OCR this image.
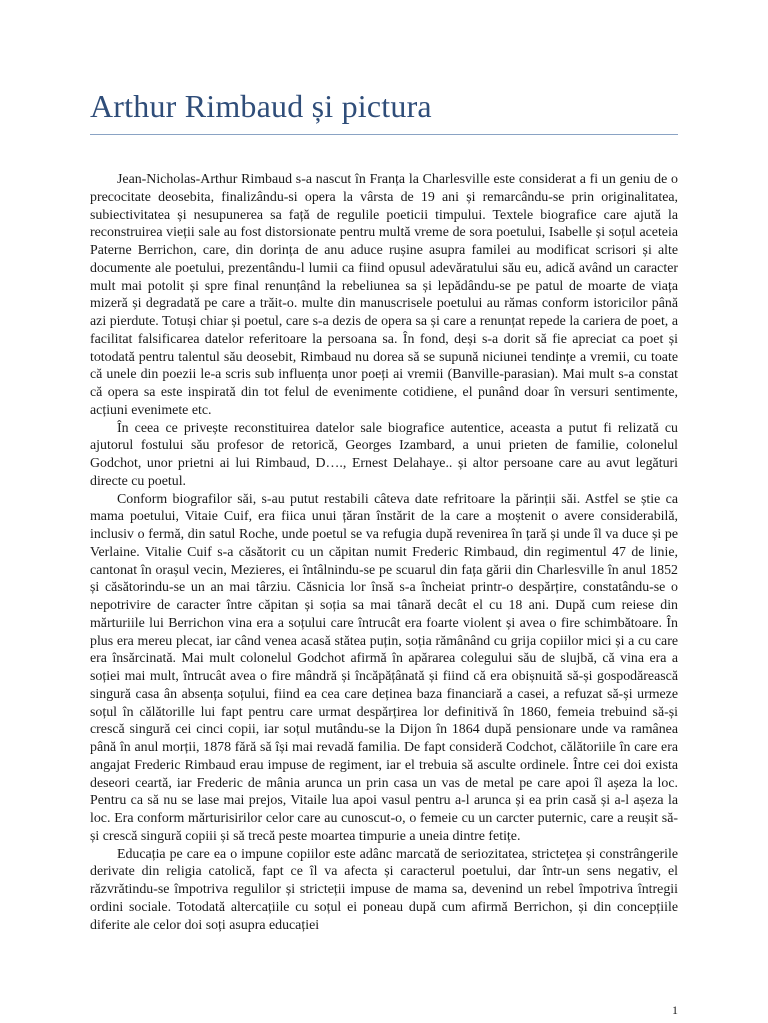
Arthur Rimbaud și pictura

Jean-Nicholas-Arthur Rimbaud s-a nascut în Franța la Charlesville este considerat a fi un geniu de o precocitate deosebita, finalizându-si opera la vârsta de 19 ani și remarcându-se prin originalitatea, subiectivitatea și nesupunerea sa față de regulile poeticii timpului. Textele biografice care ajută la reconstruirea vieții sale au fost distorsionate pentru multă vreme de sora poetului, Isabelle și soțul aceteia Paterne Berrichon, care, din dorința de anu aduce rușine asupra familei au modificat scrisori și alte documente ale poetului, prezentându-l lumii ca fiind opusul adevăratului său eu, adică având un caracter mult mai potolit și spre final renunțând la rebeliunea sa și lepădându-se pe patul de moarte de viața mizeră și degradată pe care a trăit-o. multe din manuscrisele poetului au rămas conform istoricilor până azi pierdute. Totuși chiar și poetul, care s-a dezis de opera sa și care a renunțat repede la cariera de poet, a facilitat falsificarea datelor referitoare la persoana sa. În fond, deși s-a dorit să fie apreciat ca poet și totodată pentru talentul său deosebit, Rimbaud nu dorea să se supună niciunei tendințe a vremii, cu toate că unele din poezii le-a scris sub influența unor poeți ai vremii (Banville-parasian). Mai mult s-a constat că opera sa este inspirată din tot felul de evenimente cotidiene, el punând doar în versuri sentimente, acțiuni evenimete etc.

În ceea ce privește reconstituirea datelor sale biografice autentice, aceasta a putut fi relizată cu ajutorul fostului său profesor de retorică, Georges Izambard, a unui prieten de familie, colonelul Godchot, unor prietni ai lui Rimbaud, D…., Ernest Delahaye.. și altor persoane care au avut legături directe cu poetul.

Conform biografilor săi, s-au putut restabili câteva date refritoare la părinții săi. Astfel se știe ca mama poetului, Vitaie Cuif, era fiica unui țăran înstărit de la care a moștenit o avere considerabilă, inclusiv o fermă, din satul Roche, unde poetul se va refugia după revenirea în țară și unde îl va duce și pe Verlaine. Vitalie Cuif s-a căsătorit cu un căpitan numit Frederic Rimbaud, din regimentul 47 de linie, cantonat în orașul vecin, Mezieres, ei întâlnindu-se pe scuarul din fața gării din Charlesville în anul 1852 și căsătorindu-se un an mai târziu. Căsnicia lor însă s-a încheiat printr-o despărțire, constatându-se o nepotrivire de caracter între căpitan și soția sa mai tânară decât el cu 18 ani. După cum reiese din mărturiile lui Berrichon vina era a soțului care întrucât era foarte violent și avea o fire schimbătoare. În plus era mereu plecat, iar când venea acasă stătea puțin, soția rămânând cu grija copiilor mici și a cu care era însărcinată. Mai mult colonelul Godchot afirmă în apărarea colegului său de slujbă, că vina era a soției mai mult, întrucât avea o fire mândră și încăpățânată și fiind că era obișnuită să-și gospodărească singură casa ân absența soțului, fiind ea cea care deținea baza financiară a casei, a refuzat să-și urmeze soțul în călătorille lui fapt pentru care urmat despărțirea lor definitivă în 1860, femeia trebuind să-și crescă singură cei cinci copii, iar soțul mutându-se la Dijon în 1864 după pensionare unde va ramânea până în anul morții, 1878 fără să își mai revadă familia. De fapt consideră Codchot, călătoriile în care era angajat Frederic Rimbaud erau impuse de regiment, iar el trebuia să asculte ordinele. Între cei doi exista deseori ceartă, iar Frederic de mânia arunca un prin casa un vas de metal pe care apoi îl așeza la loc. Pentru ca să nu se lase mai prejos, Vitaile lua apoi vasul pentru a-l arunca și ea prin casă și a-l așeza la loc. Era conform mărturisirilor celor care au cunoscut-o, o femeie cu un carcter puternic, care a reușit să-și crescă singură copiii și să trecă peste moartea timpurie a uneia dintre fetițe.

Educația pe care ea o impune copiilor este adânc marcată de seriozitatea, strictețea și constrângerile derivate din religia catolică, fapt ce îl va afecta și caracterul poetului, dar într-un sens negativ, el răzvrătindu-se împotriva regulilor și stricteții impuse de mama sa, devenind un rebel împotriva întregii ordini sociale. Totodată altercațiile cu soțul ei poneau după cum afirmă Berrichon, și din concepțiile diferite ale celor doi soți asupra educației

1
